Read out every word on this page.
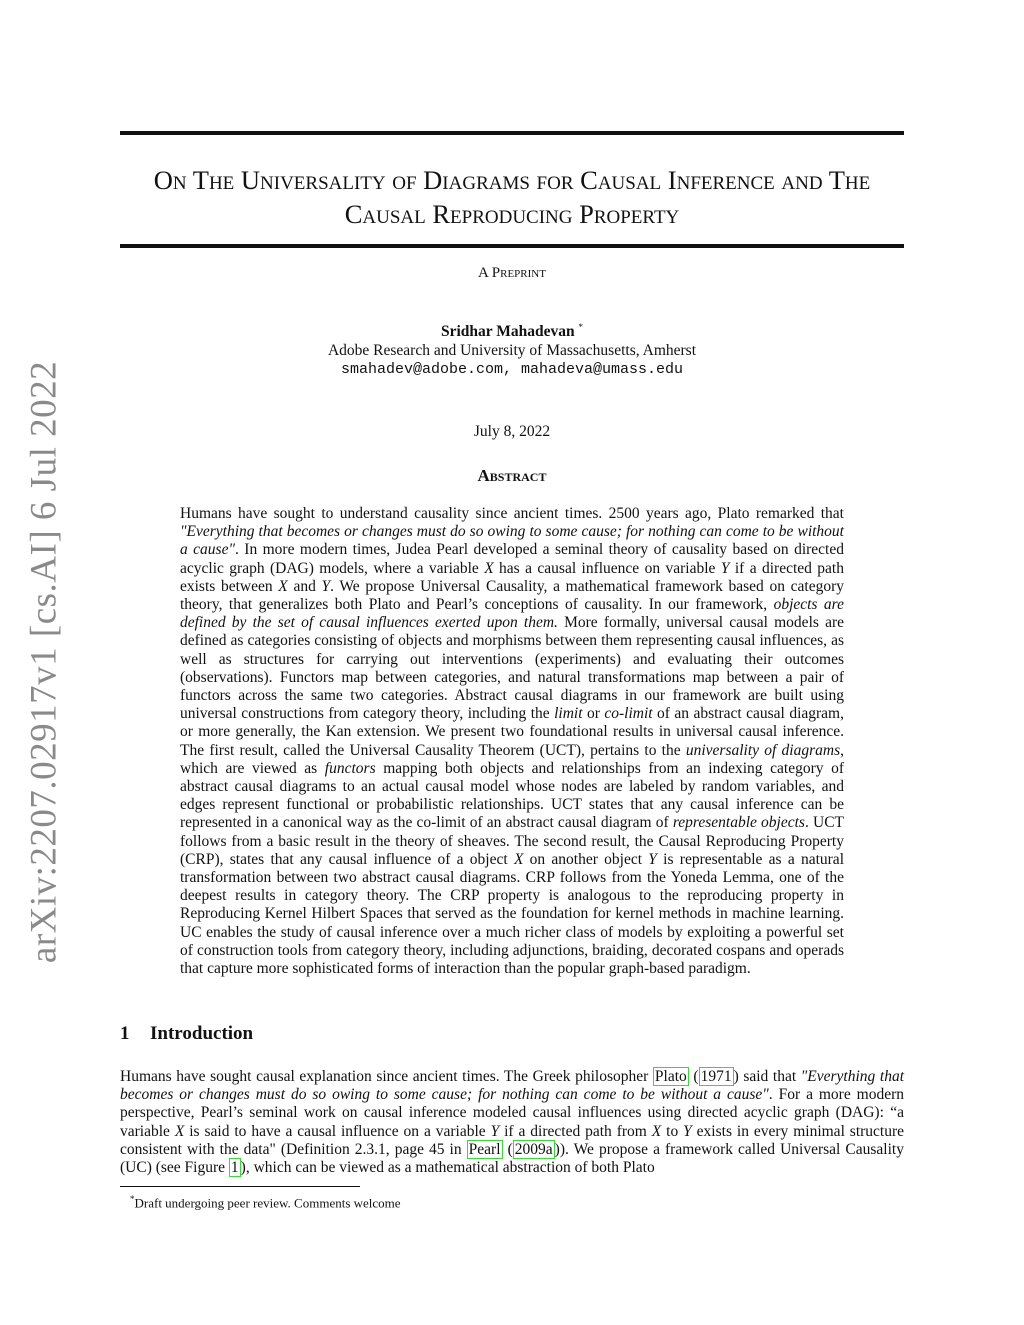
arXiv:2207.02917v1 [cs.AI] 6 Jul 2022
On The Universality of Diagrams for Causal Inference and The
Causal Reproducing Property
A Preprint
Sridhar Mahadevan *
Adobe Research and University of Massachusetts, Amherst
smahadev@adobe.com, mahadeva@umass.edu
July 8, 2022
Abstract

Humans have sought to understand causality since ancient times. 2500 years ago, Plato remarked that "Everything that becomes or changes must do so owing to some cause; for nothing can come to be without a cause". In more modern times, Judea Pearl developed a seminal theory of causality based on directed acyclic graph (DAG) models, where a variable X has a causal influence on variable Y if a directed path exists between X and Y. We propose Universal Causality, a mathematical framework based on category theory, that generalizes both Plato and Pearl’s conceptions of causality. In our framework, objects are defined by the set of causal influences exerted upon them. More formally, universal causal models are defined as categories consisting of objects and morphisms between them representing causal influences, as well as structures for carrying out interventions (experiments) and evaluating their outcomes (observations). Functors map between categories, and natural transformations map between a pair of functors across the same two categories. Abstract causal diagrams in our framework are built using universal constructions from category theory, including the limit or co-limit of an abstract causal diagram, or more generally, the Kan extension. We present two foundational results in universal causal inference. The first result, called the Universal Causality Theorem (UCT), pertains to the universality of diagrams, which are viewed as functors mapping both objects and relationships from an indexing category of abstract causal diagrams to an actual causal model whose nodes are labeled by random variables, and edges represent functional or probabilistic relationships. UCT states that any causal inference can be represented in a canonical way as the co-limit of an abstract causal diagram of representable objects. UCT follows from a basic result in the theory of sheaves. The second result, the Causal Reproducing Property (CRP), states that any causal influence of a object X on another object Y is representable as a natural transformation between two abstract causal diagrams. CRP follows from the Yoneda Lemma, one of the deepest results in category theory. The CRP property is analogous to the reproducing property in Reproducing Kernel Hilbert Spaces that served as the foundation for kernel methods in machine learning. UC enables the study of causal inference over a much richer class of models by exploiting a powerful set of construction tools from category theory, including adjunctions, braiding, decorated cospans and operads that capture more sophisticated forms of interaction than the popular graph-based paradigm.

1 Introduction

Humans have sought causal explanation since ancient times. The Greek philosopher Plato ( 1971 ) said that "Everything that becomes or changes must do so owing to some cause; for nothing can come to be without a cause". For a more modern perspective, Pearl’s seminal work on causal inference modeled causal influences using directed acyclic graph (DAG): “a variable X is said to have a causal influence on a variable Y if a directed path from X to Y exists in every minimal structure consistent with the data" (Definition 2.3.1, page 45 in Pearl ( 2009a )). We propose a framework called Universal Causality (UC) (see Figure 1 ), which can be viewed as a mathematical abstraction of both Plato

*Draft undergoing peer review. Comments welcome
